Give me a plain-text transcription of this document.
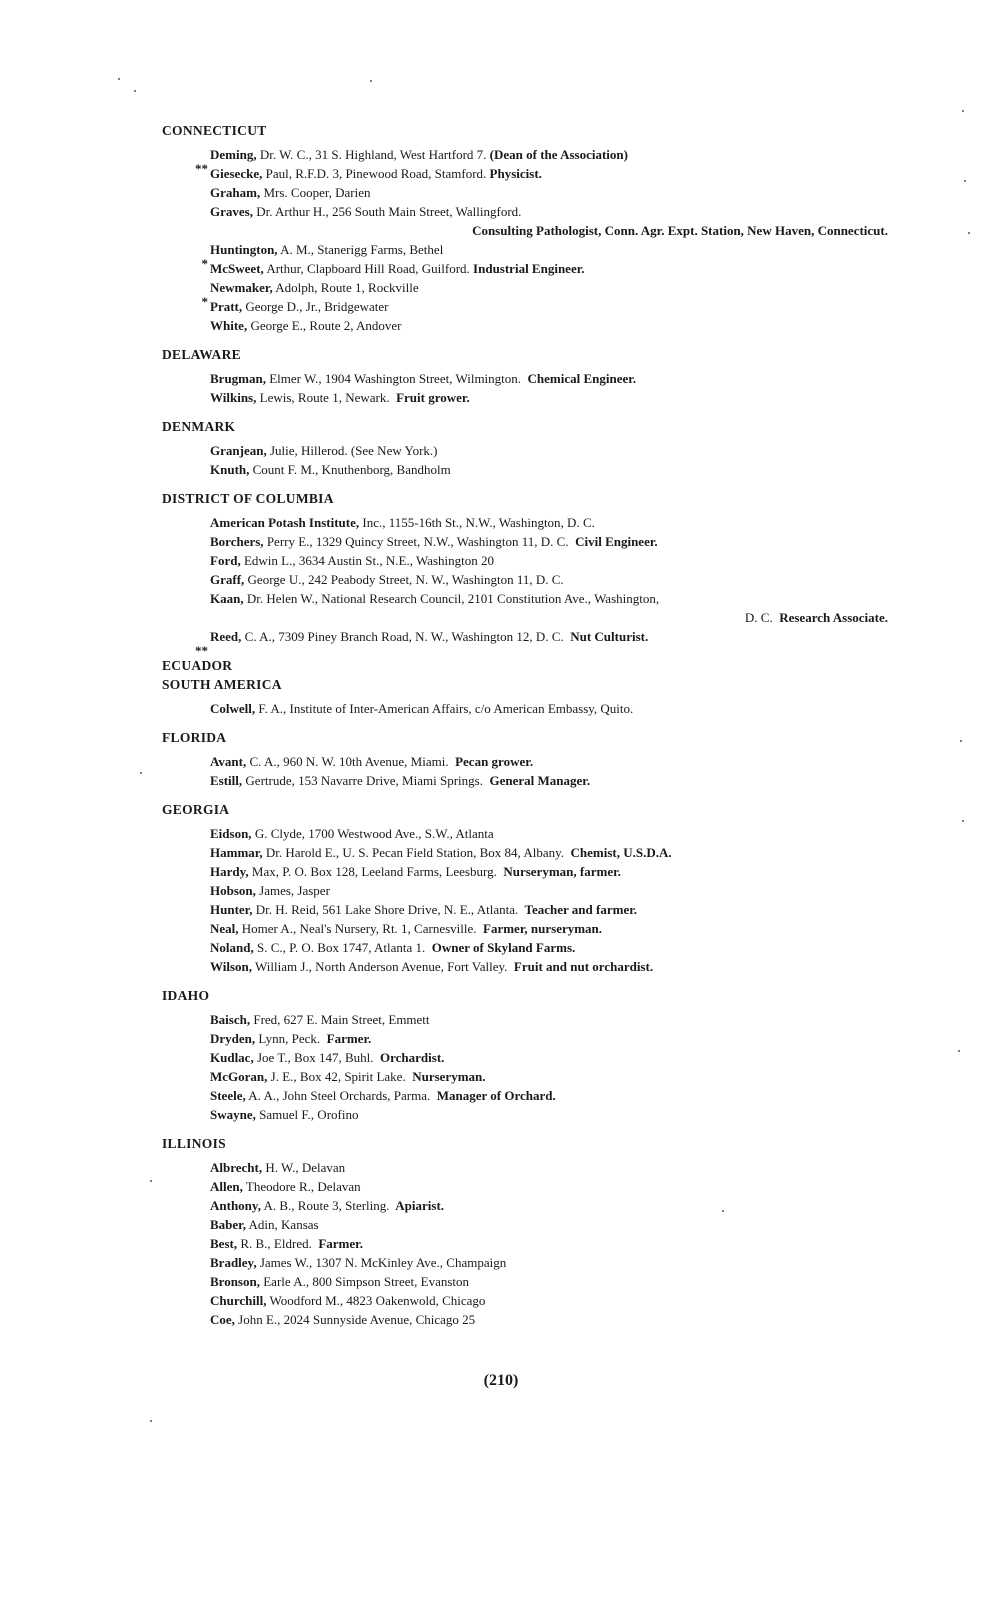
CONNECTICUT
**
Deming, Dr. W. C., 31 S. Highland, West Hartford 7. (Dean of the Association)
Giesecke, Paul, R.F.D. 3, Pinewood Road, Stamford. Physicist.
Graham, Mrs. Cooper, Darien
Graves, Dr. Arthur H., 256 South Main Street, Wallingford.
Consulting Pathologist, Conn. Agr. Expt. Station, New Haven, Connecticut.
*
Huntington, A. M., Stanerigg Farms, Bethel
McSweet, Arthur, Clapboard Hill Road, Guilford. Industrial Engineer.
*
Newmaker, Adolph, Route 1, Rockville
Pratt, George D., Jr., Bridgewater
White, George E., Route 2, Andover
DELAWARE
Brugman, Elmer W., 1904 Washington Street, Wilmington.  Chemical Engineer.
Wilkins, Lewis, Route 1, Newark.  Fruit grower.
DENMARK
Granjean, Julie, Hillerod. (See New York.)
Knuth, Count F. M., Knuthenborg, Bandholm
DISTRICT OF COLUMBIA
American Potash Institute, Inc., 1155-16th St., N.W., Washington, D. C.
Borchers, Perry E., 1329 Quincy Street, N.W., Washington 11, D. C.  Civil Engineer.
Ford, Edwin L., 3634 Austin St., N.E., Washington 20
Graff, George U., 242 Peabody Street, N. W., Washington 11, D. C.
Kaan, Dr. Helen W., National Research Council, 2101 Constitution Ave., Washington,
D. C.  Research Associate.
**
Reed, C. A., 7309 Piney Branch Road, N. W., Washington 12, D. C.  Nut Culturist.
ECUADOR
SOUTH AMERICA
Colwell, F. A., Institute of Inter-American Affairs, c/o American Embassy, Quito.
FLORIDA
Avant, C. A., 960 N. W. 10th Avenue, Miami.  Pecan grower.
Estill, Gertrude, 153 Navarre Drive, Miami Springs.  General Manager.
GEORGIA
Eidson, G. Clyde, 1700 Westwood Ave., S.W., Atlanta
Hammar, Dr. Harold E., U. S. Pecan Field Station, Box 84, Albany.  Chemist, U.S.D.A.
Hardy, Max, P. O. Box 128, Leeland Farms, Leesburg.  Nurseryman, farmer.
Hobson, James, Jasper
Hunter, Dr. H. Reid, 561 Lake Shore Drive, N. E., Atlanta.  Teacher and farmer.
Neal, Homer A., Neal's Nursery, Rt. 1, Carnesville.  Farmer, nurseryman.
Noland, S. C., P. O. Box 1747, Atlanta 1.  Owner of Skyland Farms.
Wilson, William J., North Anderson Avenue, Fort Valley.  Fruit and nut orchardist.
IDAHO
Baisch, Fred, 627 E. Main Street, Emmett
Dryden, Lynn, Peck.  Farmer.
Kudlac, Joe T., Box 147, Buhl.  Orchardist.
McGoran, J. E., Box 42, Spirit Lake.  Nurseryman.
Steele, A. A., John Steel Orchards, Parma.  Manager of Orchard.
Swayne, Samuel F., Orofino
ILLINOIS
Albrecht, H. W., Delavan
Allen, Theodore R., Delavan
Anthony, A. B., Route 3, Sterling.  Apiarist.
Baber, Adin, Kansas
Best, R. B., Eldred.  Farmer.
Bradley, James W., 1307 N. McKinley Ave., Champaign
Bronson, Earle A., 800 Simpson Street, Evanston
Churchill, Woodford M., 4823 Oakenwold, Chicago
Coe, John E., 2024 Sunnyside Avenue, Chicago 25
(210)
